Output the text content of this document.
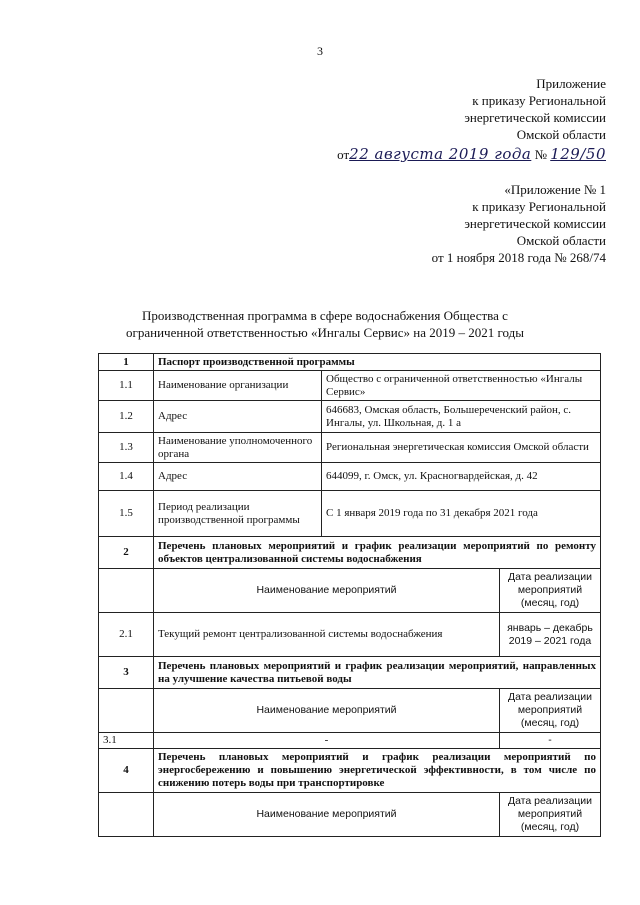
3
Приложение
к приказу Региональной
энергетической комиссии
Омской области
от22 августа 2019 года № 129/50
«Приложение № 1
к приказу Региональной
энергетической комиссии
Омской области
от 1 ноября 2018 года № 268/74
Производственная программа в сфере водоснабжения Общества с
ограниченной ответственностью «Ингалы Сервис» на 2019 – 2021 годы
1	Паспорт производственной программы		
1.1	Наименование организации	Общество с ограниченной ответственностью «Ингалы Сервис»	
1.2	Адрес	646683, Омская область, Большереченский район, с. Ингалы, ул. Школьная, д. 1 а	
1.3	Наименование уполномоченного органа	Региональная энергетическая комиссия Омской области	
1.4	Адрес	644099, г. Омск, ул. Красногвардейская, д. 42	
1.5	Период реализации производственной программы	С 1 января 2019 года по 31 декабря 2021 года	
2	Перечень плановых мероприятий и график реализации мероприятий по ремонту объектов централизованной системы водоснабжения		
	Наименование мероприятий		Дата реализации мероприятий (месяц, год)
2.1	Текущий ремонт централизованной системы водоснабжения		январь – декабрь 2019 – 2021 года
3	Перечень плановых мероприятий и график реализации мероприятий, направленных на улучшение качества питьевой воды		
	Наименование мероприятий		Дата реализации мероприятий (месяц, год)
3.1	-		-
4	Перечень плановых мероприятий и график реализации мероприятий по энергосбережению и повышению энергетической эффективности, в том числе по снижению потерь воды при транспортировке		
	Наименование мероприятий		Дата реализации мероприятий (месяц, год)
